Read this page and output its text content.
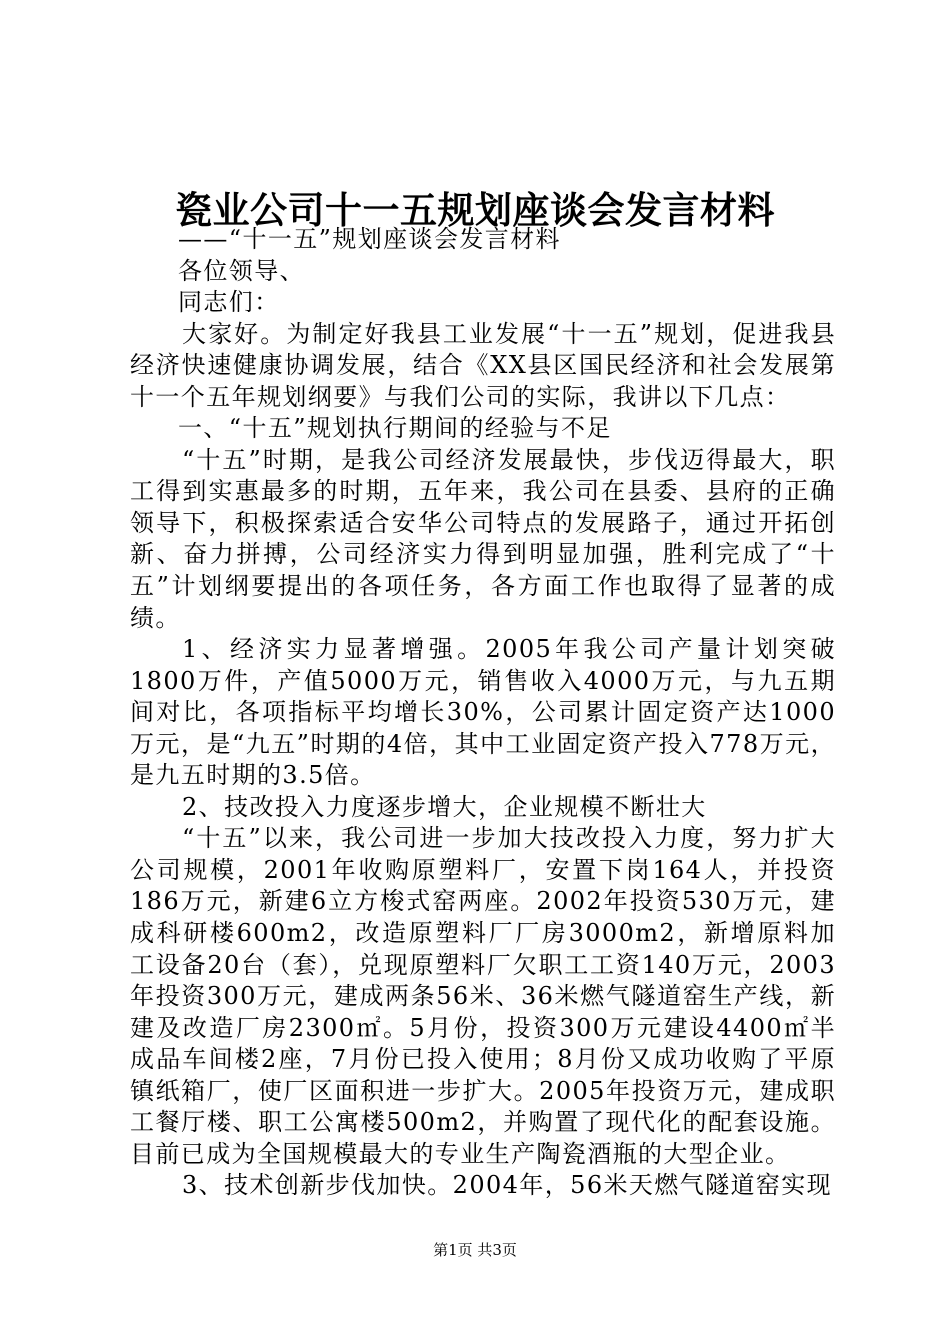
瓷业公司十一五规划座谈会发言材料

——“十一五”规划座谈会发言材料

各位领导、

同志们：

大家好。为制定好我县工业发展“十一五”规划，促进我县经济快速健康协调发展，结合《XX县区国民经济和社会发展第十一个五年规划纲要》与我们公司的实际，我讲以下几点：

一、“十五”规划执行期间的经验与不足

“十五”时期，是我公司经济发展最快，步伐迈得最大，职工得到实惠最多的时期，五年来，我公司在县委、县府的正确领导下，积极探索适合安华公司特点的发展路子，通过开拓创新、奋力拼搏，公司经济实力得到明显加强，胜利完成了“十五”计划纲要提出的各项任务，各方面工作也取得了显著的成绩。

1、经济实力显著增强。2005年我公司产量计划突破1800万件，产值5000万元，销售收入4000万元，与九五期间对比，各项指标平均增长30%，公司累计固定资产达1000万元，是“九五”时期的4倍，其中工业固定资产投入778万元，是九五时期的3.5倍。

2、技改投入力度逐步增大，企业规模不断壮大

“十五”以来，我公司进一步加大技改投入力度，努力扩大公司规模，2001年收购原塑料厂，安置下岗164人，并投资186万元，新建6立方梭式窑两座。2002年投资530万元，建成科研楼600m2，改造原塑料厂厂房3000m2，新增原料加工设备20台（套），兑现原塑料厂欠职工工资140万元，2003年投资300万元，建成两条56米、36米燃气隧道窑生产线，新建及改造厂房2300㎡。5月份，投资300万元建设4400㎡半成品车间楼2座，7月份已投入使用；8月份又成功收购了平原镇纸箱厂，使厂区面积进一步扩大。2005年投资万元，建成职工餐厅楼、职工公寓楼500m2，并购置了现代化的配套设施。目前已成为全国规模最大的专业生产陶瓷酒瓶的大型企业。

3、技术创新步伐加快。2004年，56米天燃气隧道窑实现

第1页 共3页
